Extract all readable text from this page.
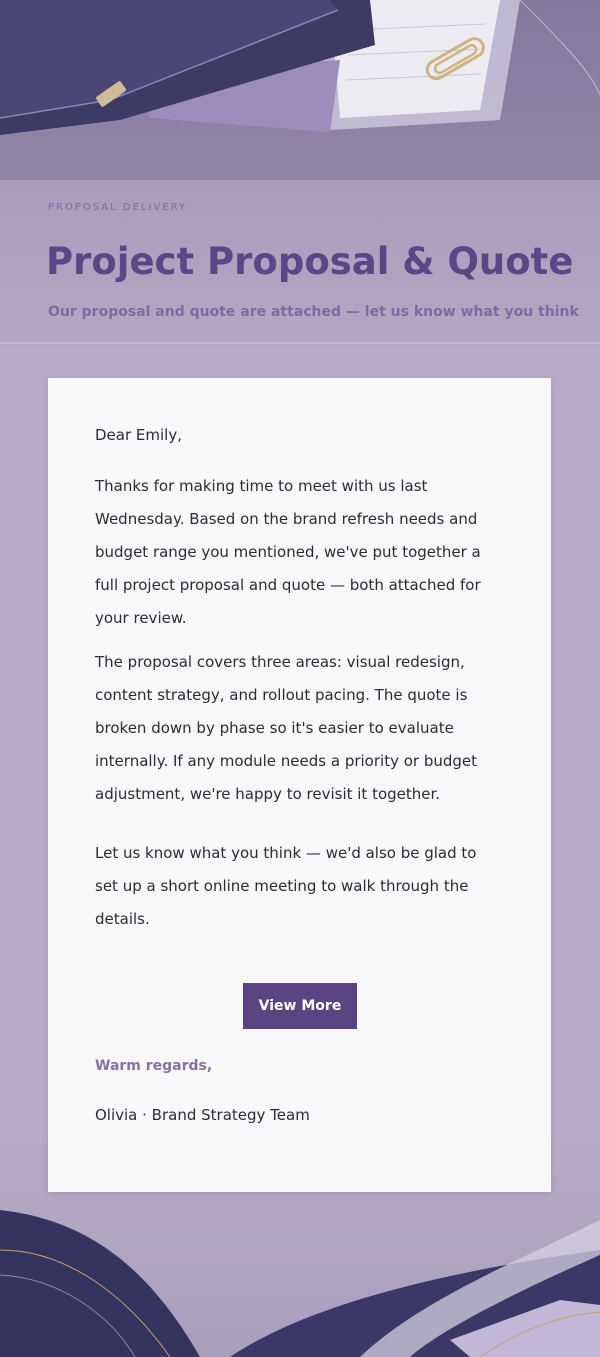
PROPOSAL DELIVERY
Project Proposal & Quote
Our proposal and quote are attached — let us know what you think
Dear Emily,
Thanks for making time to meet with us last Wednesday. Based on the brand refresh needs and budget range you mentioned, we've put together a full project proposal and quote — both attached for your review.
The proposal covers three areas: visual redesign, content strategy, and rollout pacing. The quote is broken down by phase so it's easier to evaluate internally. If any module needs a priority or budget adjustment, we're happy to revisit it together.
Let us know what you think — we'd also be glad to set up a short online meeting to walk through the details.
View More
Warm regards,
Olivia · Brand Strategy Team
